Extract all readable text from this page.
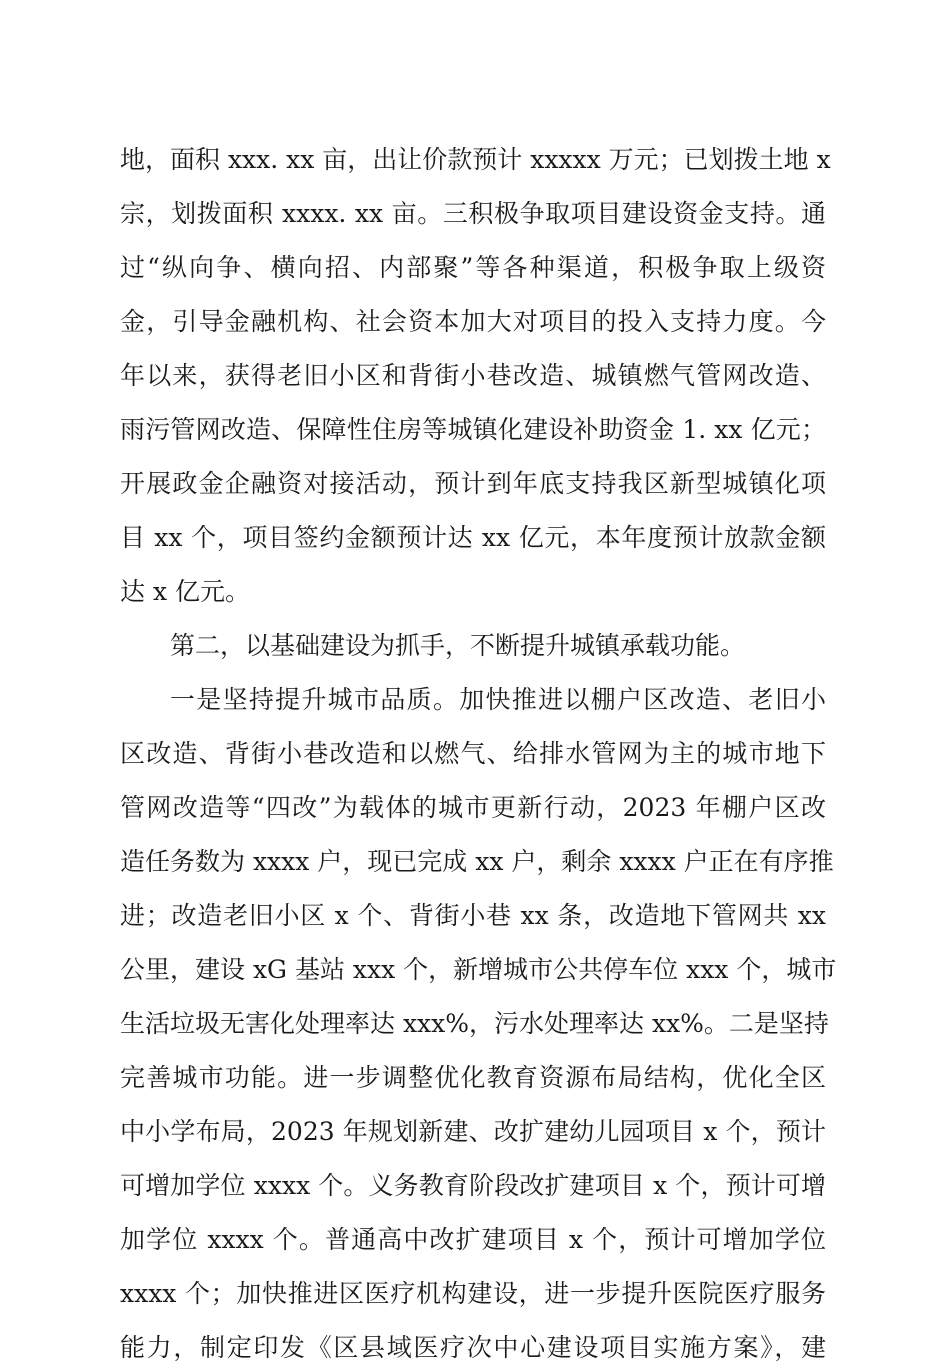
地，面积 xxx. xx 亩，出让价款预计 xxxxx 万元；已划拨土地 x
宗，划拨面积 xxxx. xx 亩。三积极争取项目建设资金支持。通
过“纵向争、横向招、内部聚”等各种渠道，积极争取上级资
金，引导金融机构、社会资本加大对项目的投入支持力度。今
年以来，获得老旧小区和背街小巷改造、城镇燃气管网改造、
雨污管网改造、保障性住房等城镇化建设补助资金 1. xx 亿元；
开展政金企融资对接活动，预计到年底支持我区新型城镇化项
目 xx 个，项目签约金额预计达 xx 亿元，本年度预计放款金额
达 x 亿元。
第二，以基础建设为抓手，不断提升城镇承载功能。
一是坚持提升城市品质。加快推进以棚户区改造、老旧小
区改造、背街小巷改造和以燃气、给排水管网为主的城市地下
管网改造等“四改”为载体的城市更新行动，2023 年棚户区改
造任务数为 xxxx 户，现已完成 xx 户，剩余 xxxx 户正在有序推
进；改造老旧小区 x 个、背街小巷 xx 条，改造地下管网共 xx
公里，建设 xG 基站 xxx 个，新增城市公共停车位 xxx 个，城市
生活垃圾无害化处理率达 xxx%，污水处理率达 xx%。二是坚持
完善城市功能。进一步调整优化教育资源布局结构，优化全区
中小学布局，2023 年规划新建、改扩建幼儿园项目 x 个，预计
可增加学位 xxxx 个。义务教育阶段改扩建项目 x 个，预计可增
加学位 xxxx 个。普通高中改扩建项目 x 个，预计可增加学位
xxxx 个；加快推进区医疗机构建设，进一步提升医院医疗服务
能力，制定印发《区县域医疗次中心建设项目实施方案》，建
